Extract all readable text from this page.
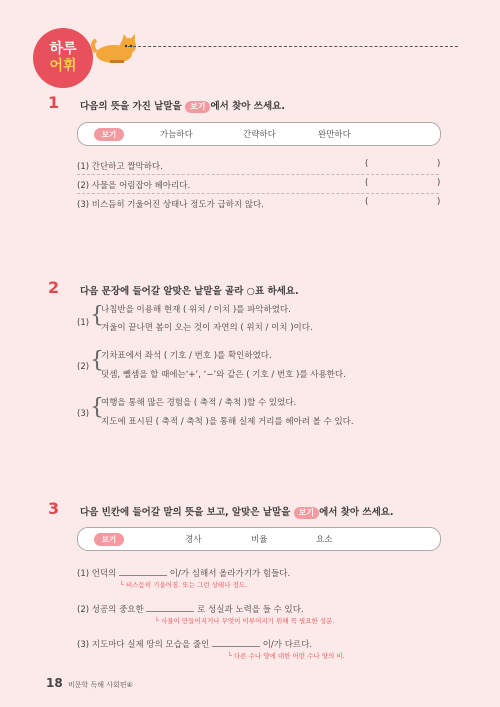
하루
어휘
1 다음의 뜻을 가진 낱말을 보기 에서 찾아 쓰세요.
보기	가늠하다	간략하다	완만하다
(1) 간단하고 짤막하다.	(	)
(2) 사물을 어림잡아 헤아리다.	(	)
(3) 비스듬히 기울어진 상태나 정도가 급하지 않다.	(	)
2 다음 문장에 들어갈 알맞은 낱말을 골라 ○표 하세요.
(1) {
나침반을 이용해 현재 ( 위치 / 이치 )를 파악하였다.
겨울이 끝나면 봄이 오는 것이 자연의 ( 위치 / 이치 )이다.
(2) {
기차표에서 좌석 ( 기호 / 번호 )를 확인하였다.
덧셈, 뺄셈을 할 때에는‘+’, ‘−’와 같은 ( 기호 / 번호 )를 사용한다.
(3) {
여행을 통해 많은 경험을 ( 축적 / 축척 )할 수 있었다.
지도에 표시된 ( 축적 / 축척 )을 통해 실제 거리를 헤아려 볼 수 있다.
3 다음 빈칸에 들어갈 말의 뜻을 보고, 알맞은 낱말을 보기 에서 찾아 쓰세요.
보기	경사	비율	요소
(1) 언덕의	이/가 심해서 올라가기가 힘들다.
└ 비스듬히 기울어짐. 또는 그런 상태나 정도.
(2) 성공의 중요한	로 성실과 노력을 들 수 있다.
└ 사물이 만들어지거나 무엇이 이루어지기 위해 꼭 필요한 성분.
(3) 지도마다 실제 땅의 모습을 줄인	이/가 다르다.
└ 다른 수나 양에 대한 어떤 수나 양의 비.
18 비문학 독해 사회편④
